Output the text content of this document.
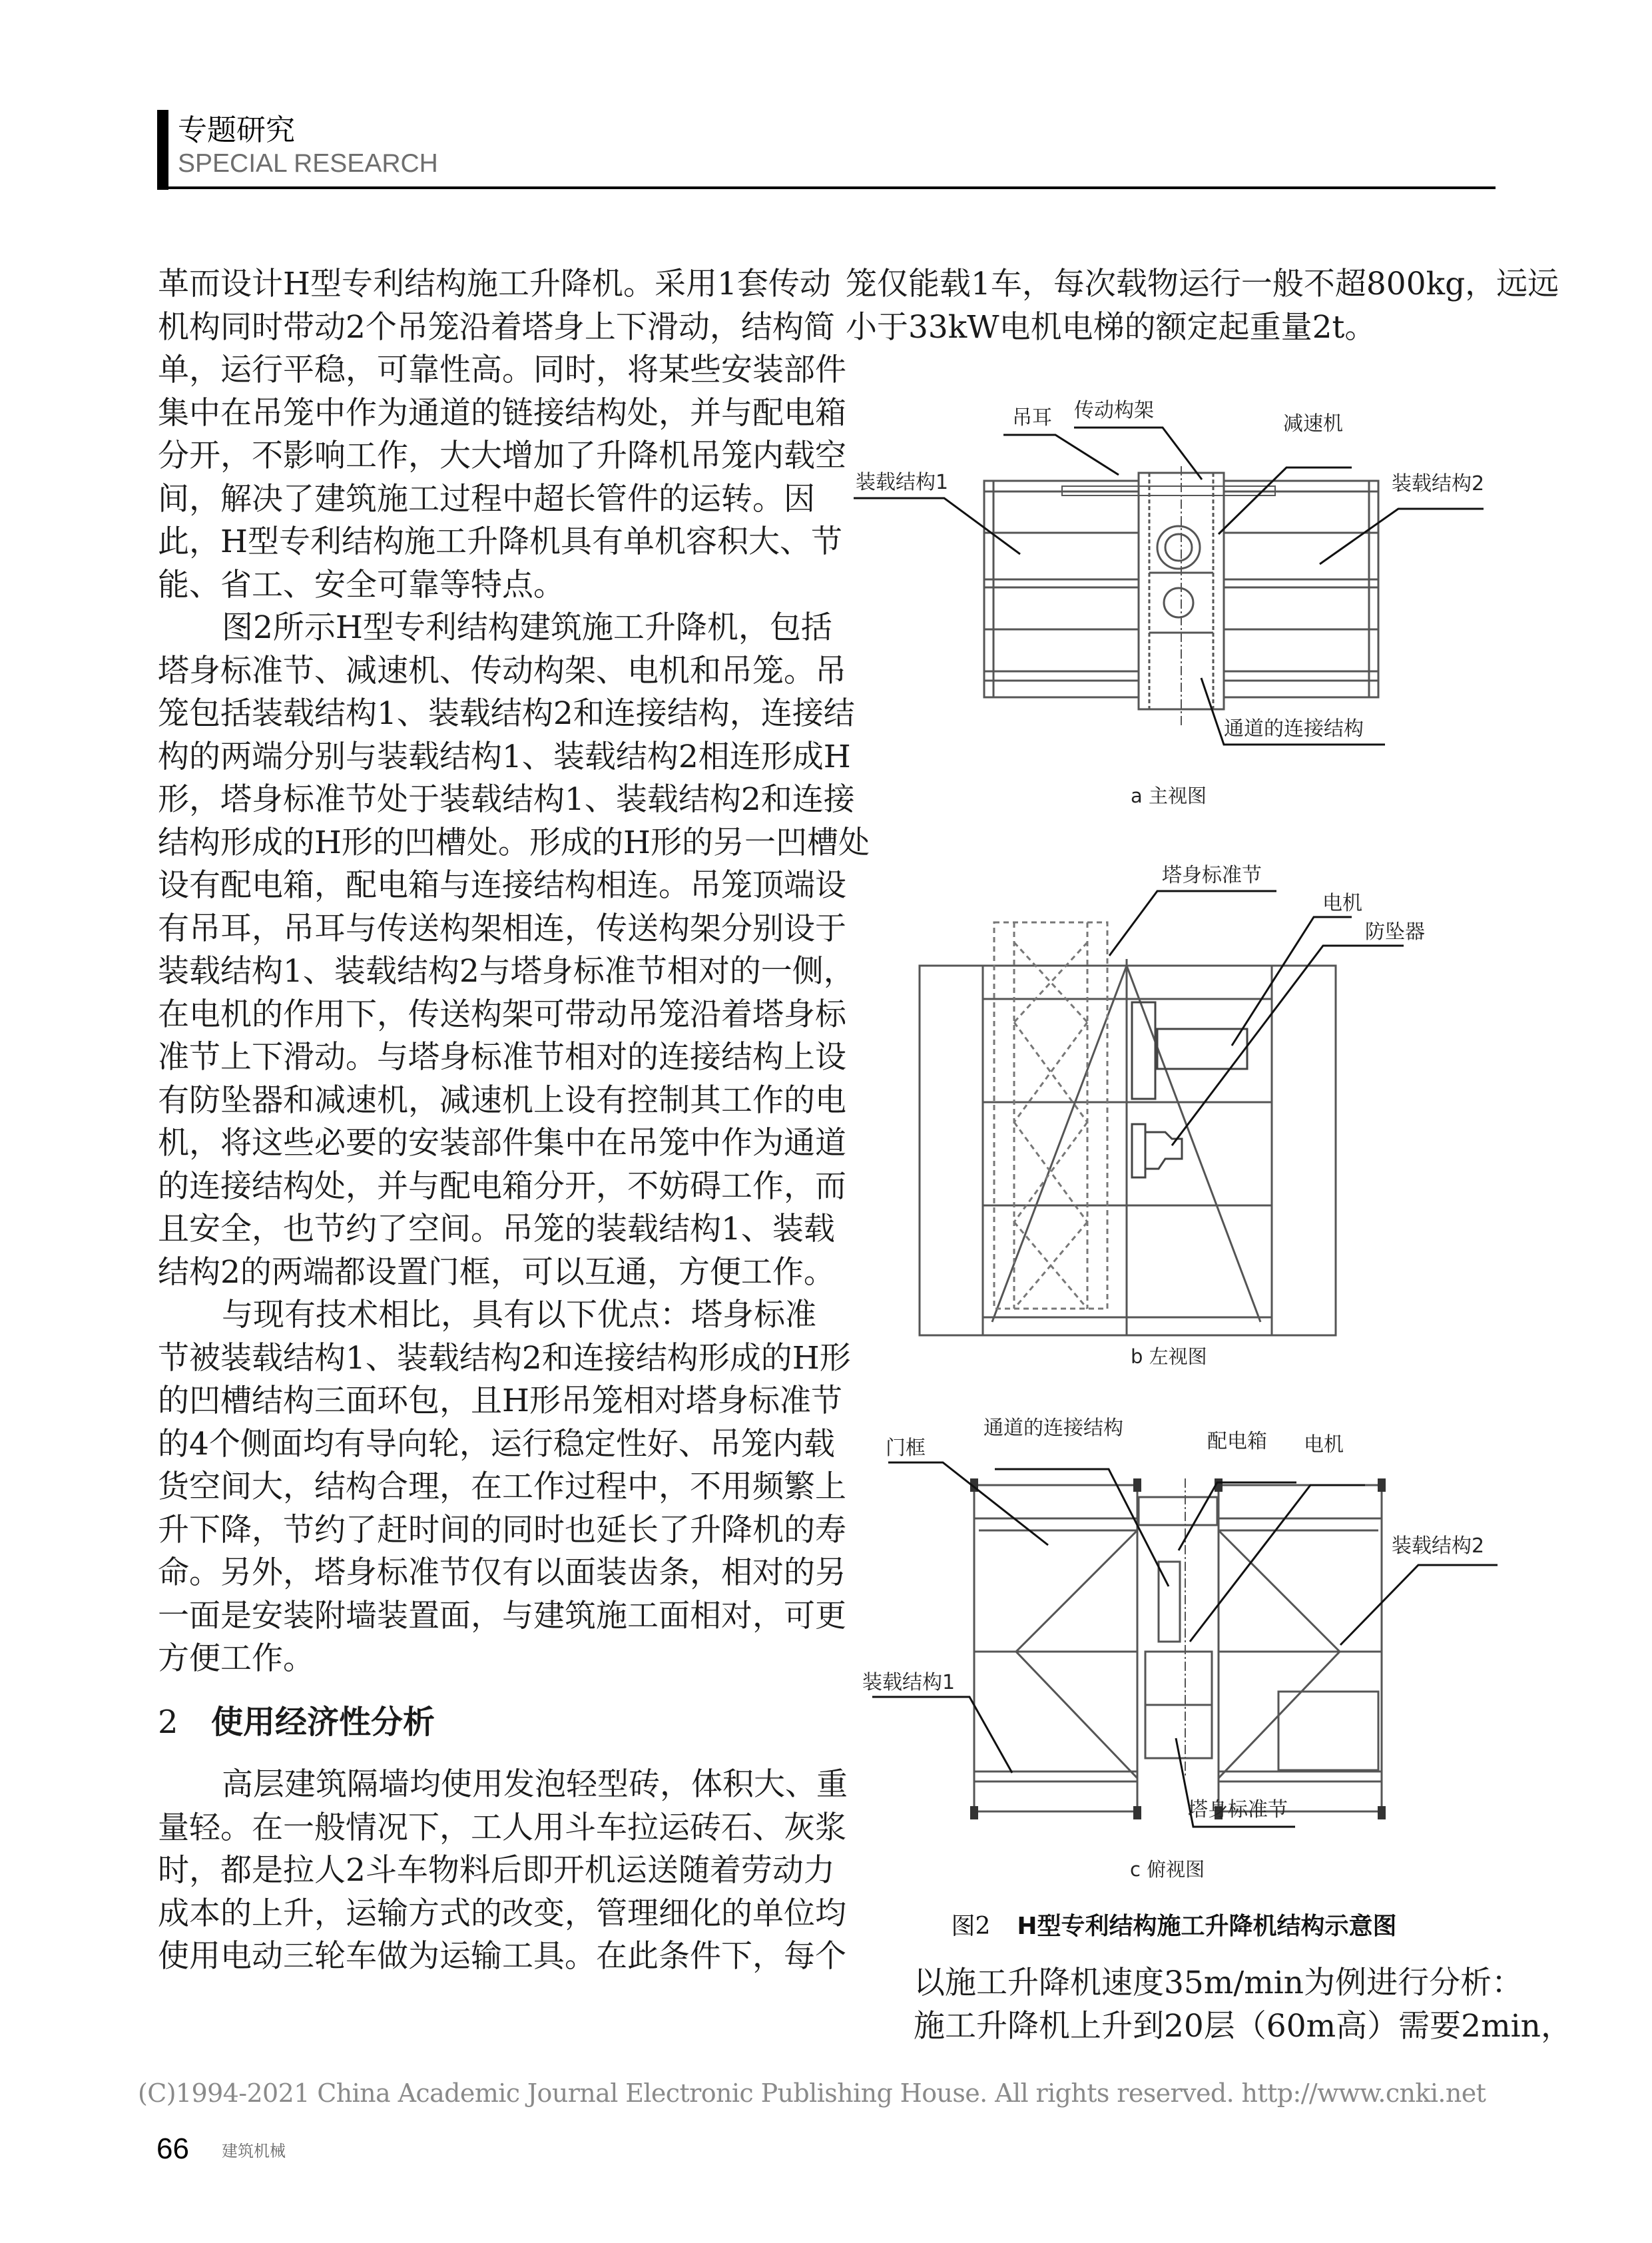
专题研究
SPECIAL RESEARCH
革而设计H型专利结构施工升降机。采用1套传动
机构同时带动2个吊笼沿着塔身上下滑动，结构简
单，运行平稳，可靠性高。同时，将某些安装部件
集中在吊笼中作为通道的链接结构处，并与配电箱
分开，不影响工作，大大增加了升降机吊笼内载空
间，解决了建筑施工过程中超长管件的运转。因
此，H型专利结构施工升降机具有单机容积大、节
能、省工、安全可靠等特点。
图2所示H型专利结构建筑施工升降机，包括
塔身标准节、减速机、传动构架、电机和吊笼。吊
笼包括装载结构1、装载结构2和连接结构，连接结
构的两端分别与装载结构1、装载结构2相连形成H
形，塔身标准节处于装载结构1、装载结构2和连接
结构形成的H形的凹槽处。形成的H形的另一凹槽处
设有配电箱，配电箱与连接结构相连。吊笼顶端设
有吊耳，吊耳与传送构架相连，传送构架分别设于
装载结构1、装载结构2与塔身标准节相对的一侧，
在电机的作用下，传送构架可带动吊笼沿着塔身标
准节上下滑动。与塔身标准节相对的连接结构上设
有防坠器和减速机，减速机上设有控制其工作的电
机，将这些必要的安装部件集中在吊笼中作为通道
的连接结构处，并与配电箱分开，不妨碍工作，而
且安全，也节约了空间。吊笼的装载结构1、装载
结构2的两端都设置门框，可以互通，方便工作。
与现有技术相比，具有以下优点：塔身标准
节被装载结构1、装载结构2和连接结构形成的H形
的凹槽结构三面环包，且H形吊笼相对塔身标准节
的4个侧面均有导向轮，运行稳定性好、吊笼内载
货空间大，结构合理，在工作过程中，不用频繁上
升下降，节约了赶时间的同时也延长了升降机的寿
命。另外，塔身标准节仅有以面装齿条，相对的另
一面是安装附墙装置面，与建筑施工面相对，可更
方便工作。
2 使用经济性分析
高层建筑隔墙均使用发泡轻型砖，体积大、重
量轻。在一般情况下，工人用斗车拉运砖石、灰浆
时，都是拉人2斗车物料后即开机运送随着劳动力
成本的上升，运输方式的改变，管理细化的单位均
使用电动三轮车做为运输工具。在此条件下，每个
笼仅能载1车，每次载物运行一般不超800kg，远远
小于33kW电机电梯的额定起重量2t。
吊耳 传动构架
减速机
装载结构1	装载结构2
通道的连接结构
a 主视图
塔身标准节
电机
防坠器
b 左视图
门框
通道的连接结构
配电箱 电机
装载结构2
装载结构1
塔身标准节
c 俯视图
图2 H型专利结构施工升降机结构示意图
以施工升降机速度35m/min为例进行分析：
施工升降机上升到20层（60m高）需要2min，
(C)1994-2021 China Academic Journal Electronic Publishing House. All rights reserved. http://www.cnki.net
66 建筑机械
